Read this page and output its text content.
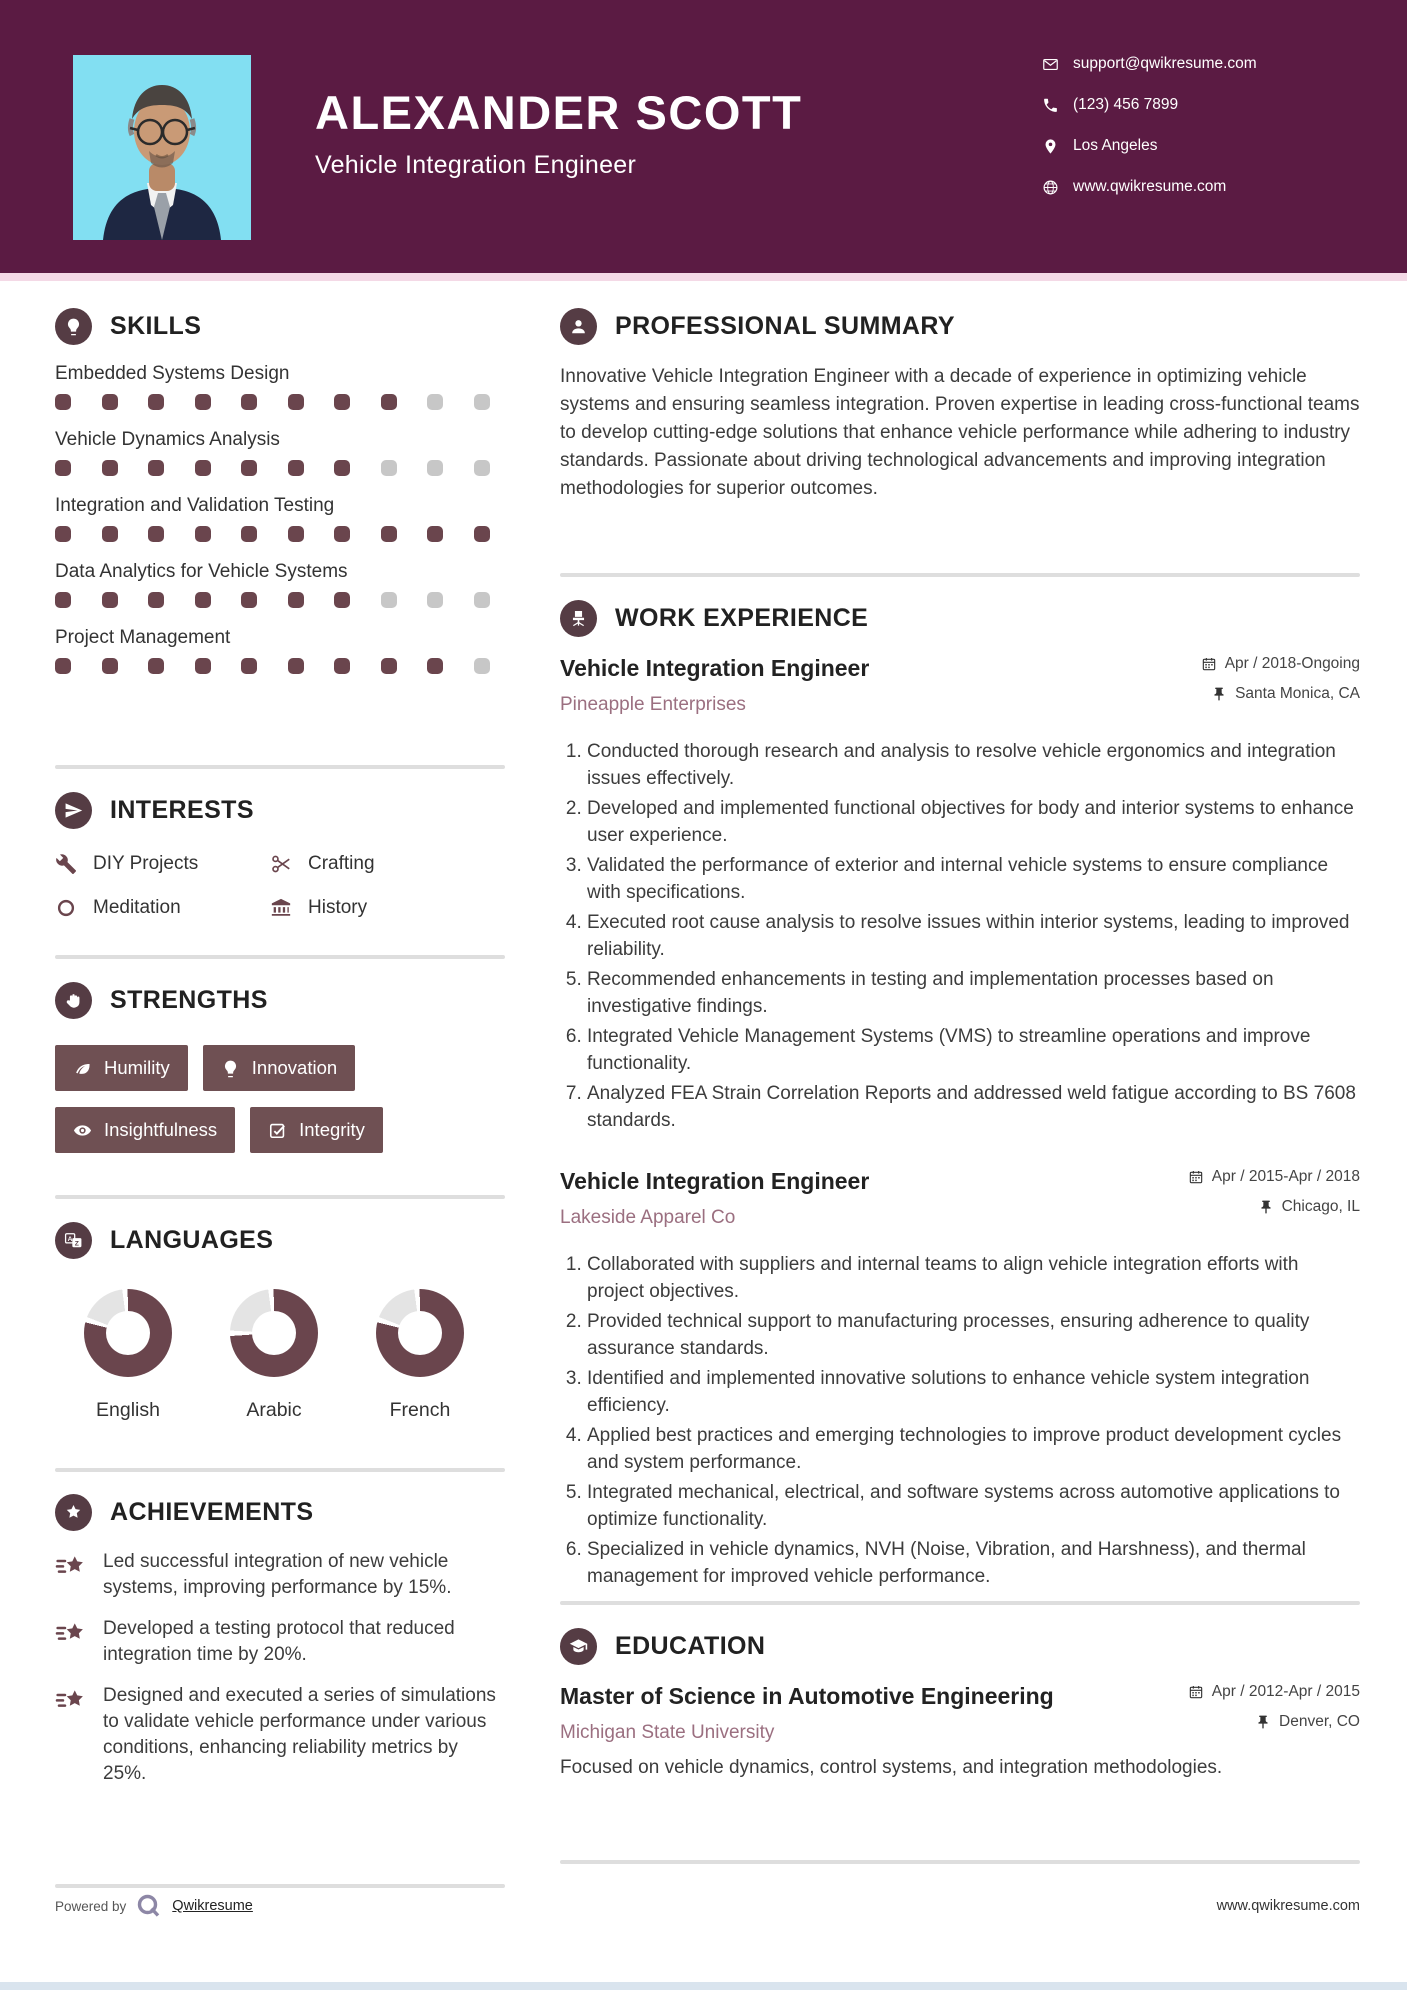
ALEXANDER SCOTT
Vehicle Integration Engineer
support@qwikresume.com
(123) 456 7899
Los Angeles
www.qwikresume.com
SKILLS
Embedded Systems Design
Vehicle Dynamics Analysis
Integration and Validation Testing
Data Analytics for Vehicle Systems
Project Management
INTERESTS
DIY Projects	Crafting
Meditation	History
STRENGTHS
Humility	Innovation
Insightfulness	Integrity
A
Z LANGUAGES
English	Arabic	French
ACHIEVEMENTS
Led successful integration of new vehicle systems, improving performance by 15%.
Developed a testing protocol that reduced integration time by 20%.
Designed and executed a series of simulations to validate vehicle performance under various conditions, enhancing reliability metrics by 25%.
PROFESSIONAL SUMMARY
Innovative Vehicle Integration Engineer with a decade of experience in optimizing vehicle systems and ensuring seamless integration. Proven expertise in leading cross-functional teams to develop cutting-edge solutions that enhance vehicle performance while adhering to industry standards. Passionate about driving technological advancements and improving integration methodologies for superior outcomes.
WORK EXPERIENCE
Vehicle Integration Engineer
Pineapple Enterprises
Apr / 2018-Ongoing
Santa Monica, CA
1. Conducted thorough research and analysis to resolve vehicle ergonomics and integration issues effectively.
2. Developed and implemented functional objectives for body and interior systems to enhance user experience.
3. Validated the performance of exterior and internal vehicle systems to ensure compliance with specifications.
4. Executed root cause analysis to resolve issues within interior systems, leading to improved reliability.
5. Recommended enhancements in testing and implementation processes based on investigative findings.
6. Integrated Vehicle Management Systems (VMS) to streamline operations and improve functionality.
7. Analyzed FEA Strain Correlation Reports and addressed weld fatigue according to BS 7608 standards.
Vehicle Integration Engineer
Lakeside Apparel Co
Apr / 2015-Apr / 2018
Chicago, IL
1. Collaborated with suppliers and internal teams to align vehicle integration efforts with project objectives.
2. Provided technical support to manufacturing processes, ensuring adherence to quality assurance standards.
3. Identified and implemented innovative solutions to enhance vehicle system integration efficiency.
4. Applied best practices and emerging technologies to improve product development cycles and system performance.
5. Integrated mechanical, electrical, and software systems across automotive applications to optimize functionality.
6. Specialized in vehicle dynamics, NVH (Noise, Vibration, and Harshness), and thermal management for improved vehicle performance.
EDUCATION
Master of Science in Automotive Engineering
Michigan State University
Apr / 2012-Apr / 2015
Denver, CO
Focused on vehicle dynamics, control systems, and integration methodologies.
Powered by	Qwikresume	www.qwikresume.com
